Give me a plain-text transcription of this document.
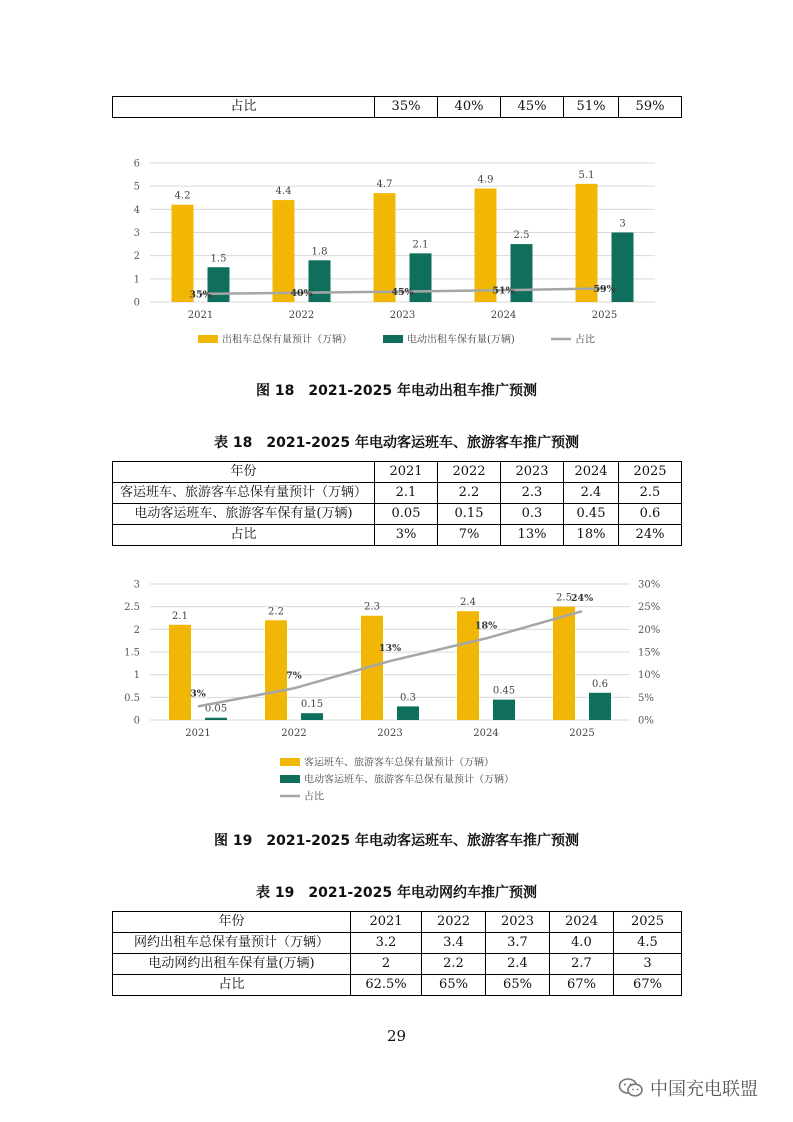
占比	35%	40%	45%	51%	59%
0
1
2
3
4
5
6
2021	2022	2023	2024	2025
4.2	4.4
4.7	4.9	5.1
1.5
1.8
2.1
2.5
3
35%	40%	45%	51%	59%
出租车总保有量预计（万辆）	电动出租车保有量(万辆)	占比
图 18　2021-2025 年电动出租车推广预测
表 18　2021-2025 年电动客运班车、旅游客车推广预测
年份	2021	2022	2023	2024	2025
客运班车、旅游客车总保有量预计（万辆）	2.1	2.2	2.3	2.4	2.5
电动客运班车、旅游客车保有量(万辆)	0.05	0.15	0.3	0.45	0.6
占比	3%	7%	13%	18%	24%
0
0.5
1
1.5
2
2.5
3
0%
5%
10%
15%
20%
25%
30%
2021	2022	2023	2024	2025
2.1	2.2	2.3	2.4	2.5
0.05	0.15
0.3
0.45
0.6
3%
7%
13%
18%
24%
客运班车、旅游客车总保有量预计（万辆）
电动客运班车、旅游客车总保有量预计（万辆）
占比
图 19　2021-2025 年电动客运班车、旅游客车推广预测
表 19　2021-2025 年电动网约车推广预测
年份	2021	2022	2023	2024	2025
网约出租车总保有量预计（万辆）	3.2	3.4	3.7	4.0	4.5
电动网约出租车保有量(万辆)	2	2.2	2.4	2.7	3
占比	62.5%	65%	65%	67%	67%
29
中国充电联盟
